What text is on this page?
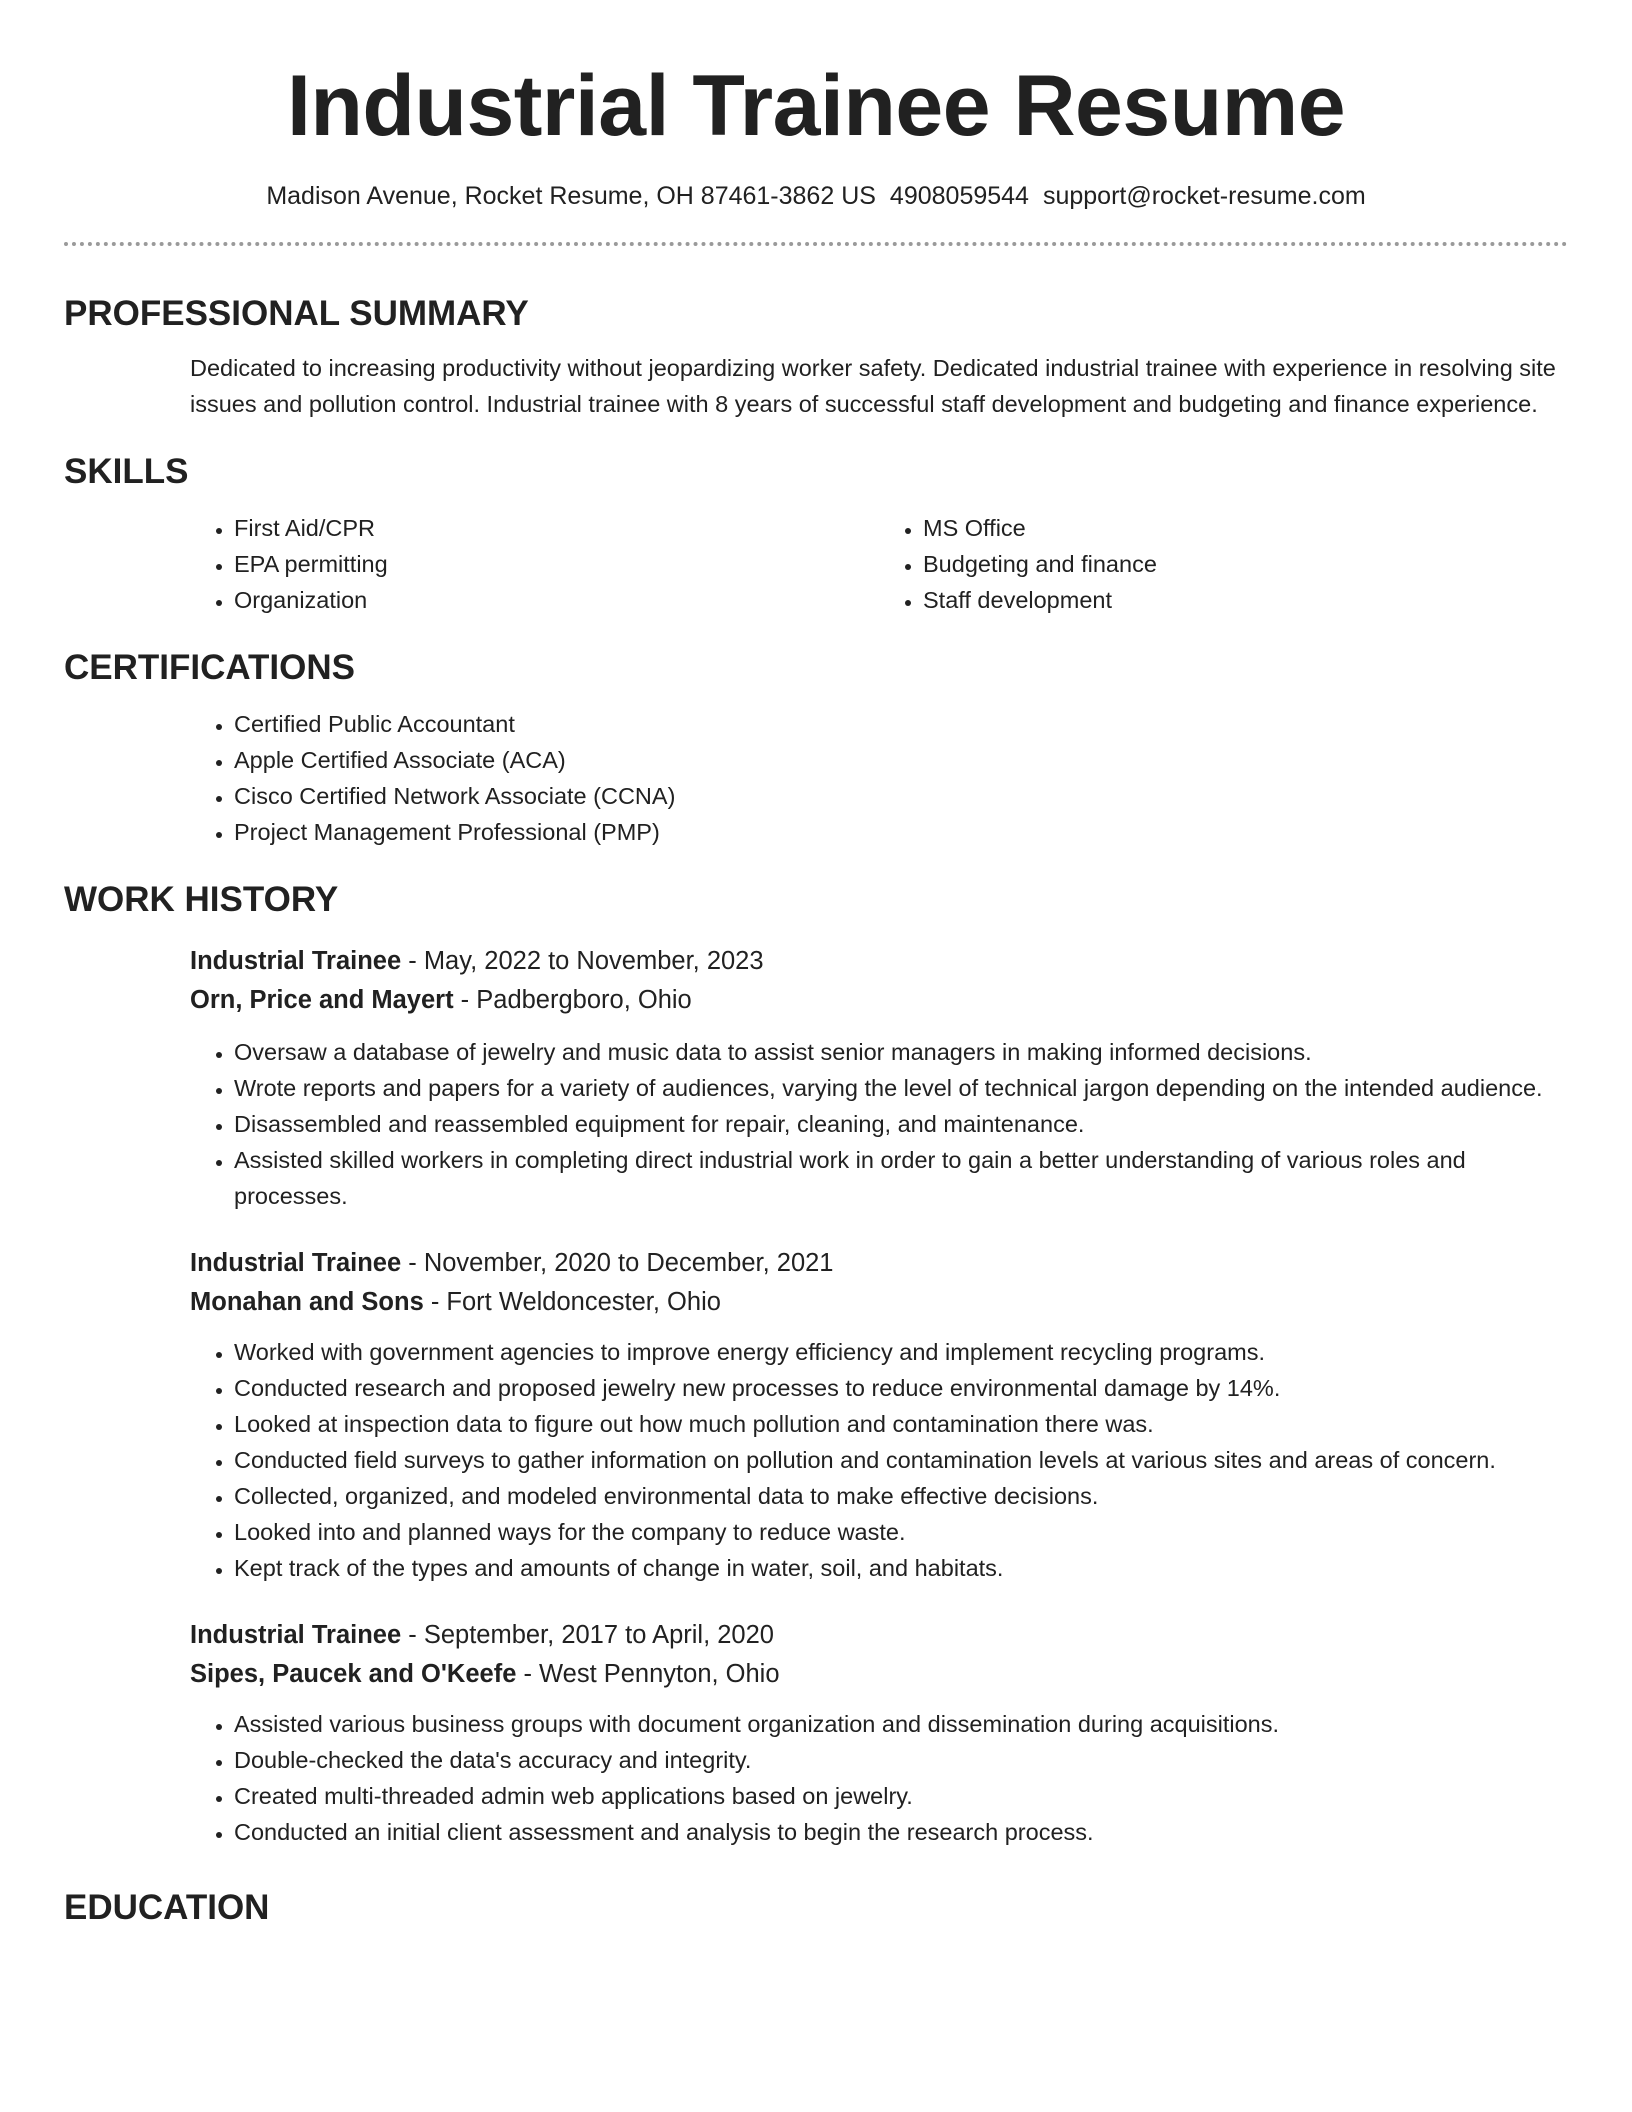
Industrial Trainee Resume
Madison Avenue, Rocket Resume, OH 87461-3862 US 4908059544 support@rocket-resume.com
PROFESSIONAL SUMMARY

Dedicated to increasing productivity without jeopardizing worker safety. Dedicated industrial trainee with experience in resolving site issues and pollution control. Industrial trainee with 8 years of successful staff development and budgeting and finance experience.

SKILLS
• First Aid/CPR
• EPA permitting
• Organization
• MS Office
• Budgeting and finance
• Staff development
CERTIFICATIONS
• Certified Public Accountant
• Apple Certified Associate (ACA)
• Cisco Certified Network Associate (CCNA)
• Project Management Professional (PMP)
WORK HISTORY
Industrial Trainee - May, 2022 to November, 2023
Orn, Price and Mayert - Padbergboro, Ohio
• Oversaw a database of jewelry and music data to assist senior managers in making informed decisions.
• Wrote reports and papers for a variety of audiences, varying the level of technical jargon depending on the intended audience.
• Disassembled and reassembled equipment for repair, cleaning, and maintenance.
• Assisted skilled workers in completing direct industrial work in order to gain a better understanding of various roles and processes.
Industrial Trainee - November, 2020 to December, 2021
Monahan and Sons - Fort Weldoncester, Ohio
• Worked with government agencies to improve energy efficiency and implement recycling programs.
• Conducted research and proposed jewelry new processes to reduce environmental damage by 14%.
• Looked at inspection data to figure out how much pollution and contamination there was.
• Conducted field surveys to gather information on pollution and contamination levels at various sites and areas of concern.
• Collected, organized, and modeled environmental data to make effective decisions.
• Looked into and planned ways for the company to reduce waste.
• Kept track of the types and amounts of change in water, soil, and habitats.
Industrial Trainee - September, 2017 to April, 2020
Sipes, Paucek and O'Keefe - West Pennyton, Ohio
• Assisted various business groups with document organization and dissemination during acquisitions.
• Double-checked the data's accuracy and integrity.
• Created multi-threaded admin web applications based on jewelry.
• Conducted an initial client assessment and analysis to begin the research process.
EDUCATION
